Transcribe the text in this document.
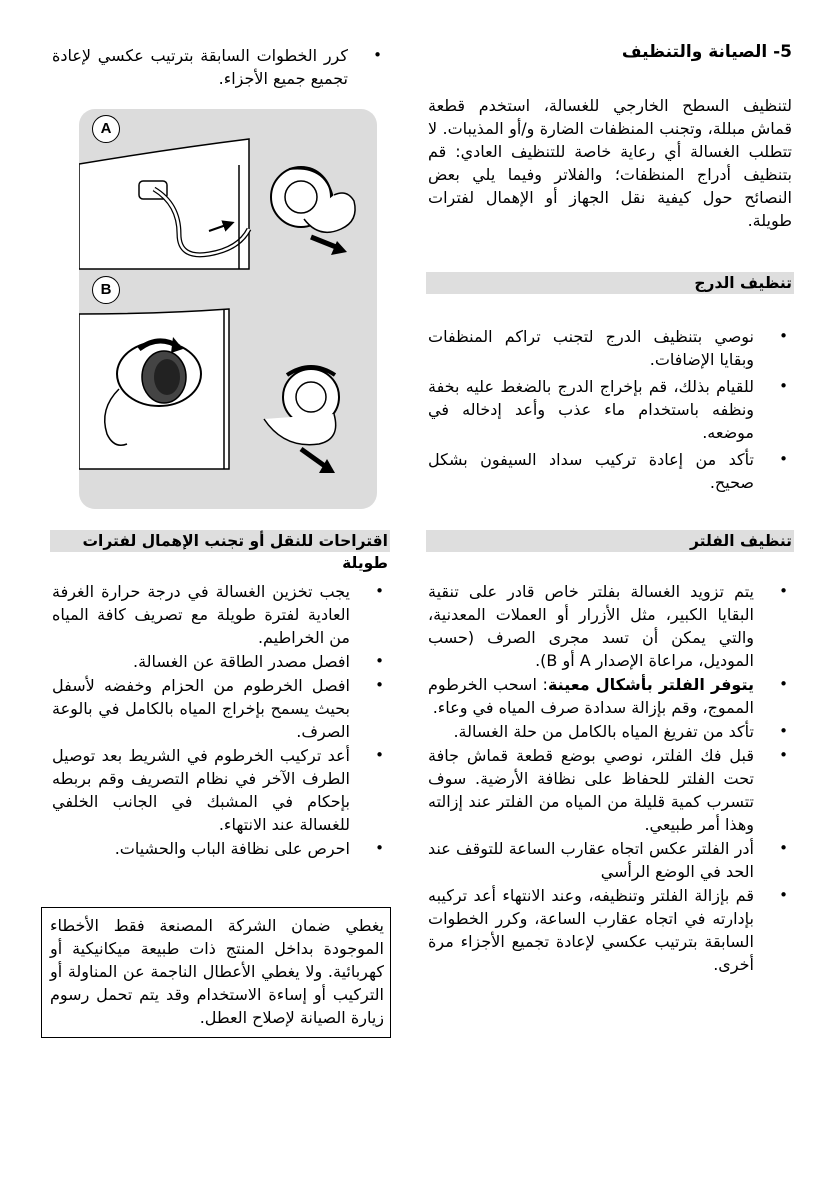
5- الصيانة والتنظيف

لتنظيف السطح الخارجي للغسالة، استخدم قطعة قماش مبللة، وتجنب المنظفات الضارة و/أو المذيبات. لا تتطلب الغسالة أي رعاية خاصة للتنظيف العادي: قم بتنظيف أدراج المنظفات؛ والفلاتر وفيما يلي بعض النصائح حول كيفية نقل الجهاز أو الإهمال لفترات طويلة.

تنظيف الدرج
•
نوصي بتنظيف الدرج لتجنب تراكم المنظفات وبقايا الإضافات.
•
للقيام بذلك، قم بإخراج الدرج بالضغط عليه بخفة ونظفه باستخدام ماء عذب وأعد إدخاله في موضعه.
•
تأكد من إعادة تركيب سداد السيفون بشكل صحيح.
تنظيف الفلتر
•
يتم تزويد الغسالة بفلتر خاص قادر على تنقية البقايا الكبير، مثل الأزرار أو العملات المعدنية، والتي يمكن أن تسد مجرى الصرف (حسب الموديل، مراعاة الإصدار A أو B).
•
يتوفر الفلتر بأشكال معينة: اسحب الخرطوم المموج، وقم بإزالة سدادة صرف المياه في وعاء.
•
تأكد من تفريغ المياه بالكامل من حلة الغسالة.
•
قبل فك الفلتر، نوصي بوضع قطعة قماش جافة تحت الفلتر للحفاظ على نظافة الأرضية. سوف تتسرب كمية قليلة من المياه من الفلتر عند إزالته وهذا أمر طبيعي.
•
أدر الفلتر عكس اتجاه عقارب الساعة للتوقف عند الحد في الوضع الرأسي
•
قم بإزالة الفلتر وتنظيفه، وعند الانتهاء أعد تركيبه بإدارته في اتجاه عقارب الساعة، وكرر الخطوات السابقة بترتيب عكسي لإعادة تجميع الأجزاء مرة أخرى.
•
كرر الخطوات السابقة بترتيب عكسي لإعادة تجميع جميع الأجزاء.
A
B
اقتراحات للنقل أو تجنب الإهمال لفترات طويلة
•
يجب تخزين الغسالة في درجة حرارة الغرفة العادية لفترة طويلة مع تصريف كافة المياه من الخراطيم.
•
افصل مصدر الطاقة عن الغسالة.
•
افصل الخرطوم من الحزام وخفضه لأسفل بحيث يسمح بإخراج المياه بالكامل في بالوعة الصرف.
•
أعد تركيب الخرطوم في الشريط بعد توصيل الطرف الآخر في نظام التصريف وقم بربطه بإحكام في المشبك في الجانب الخلفي للغسالة عند الانتهاء.
•
احرص على نظافة الباب والحشيات.

يغطي ضمان الشركة المصنعة فقط الأخطاء الموجودة بداخل المنتج ذات طبيعة ميكانيكية أو كهربائية. ولا يغطي الأعطال الناجمة عن المناولة أو التركيب أو إساءة الاستخدام وقد يتم تحمل رسوم زيارة الصيانة لإصلاح العطل.
